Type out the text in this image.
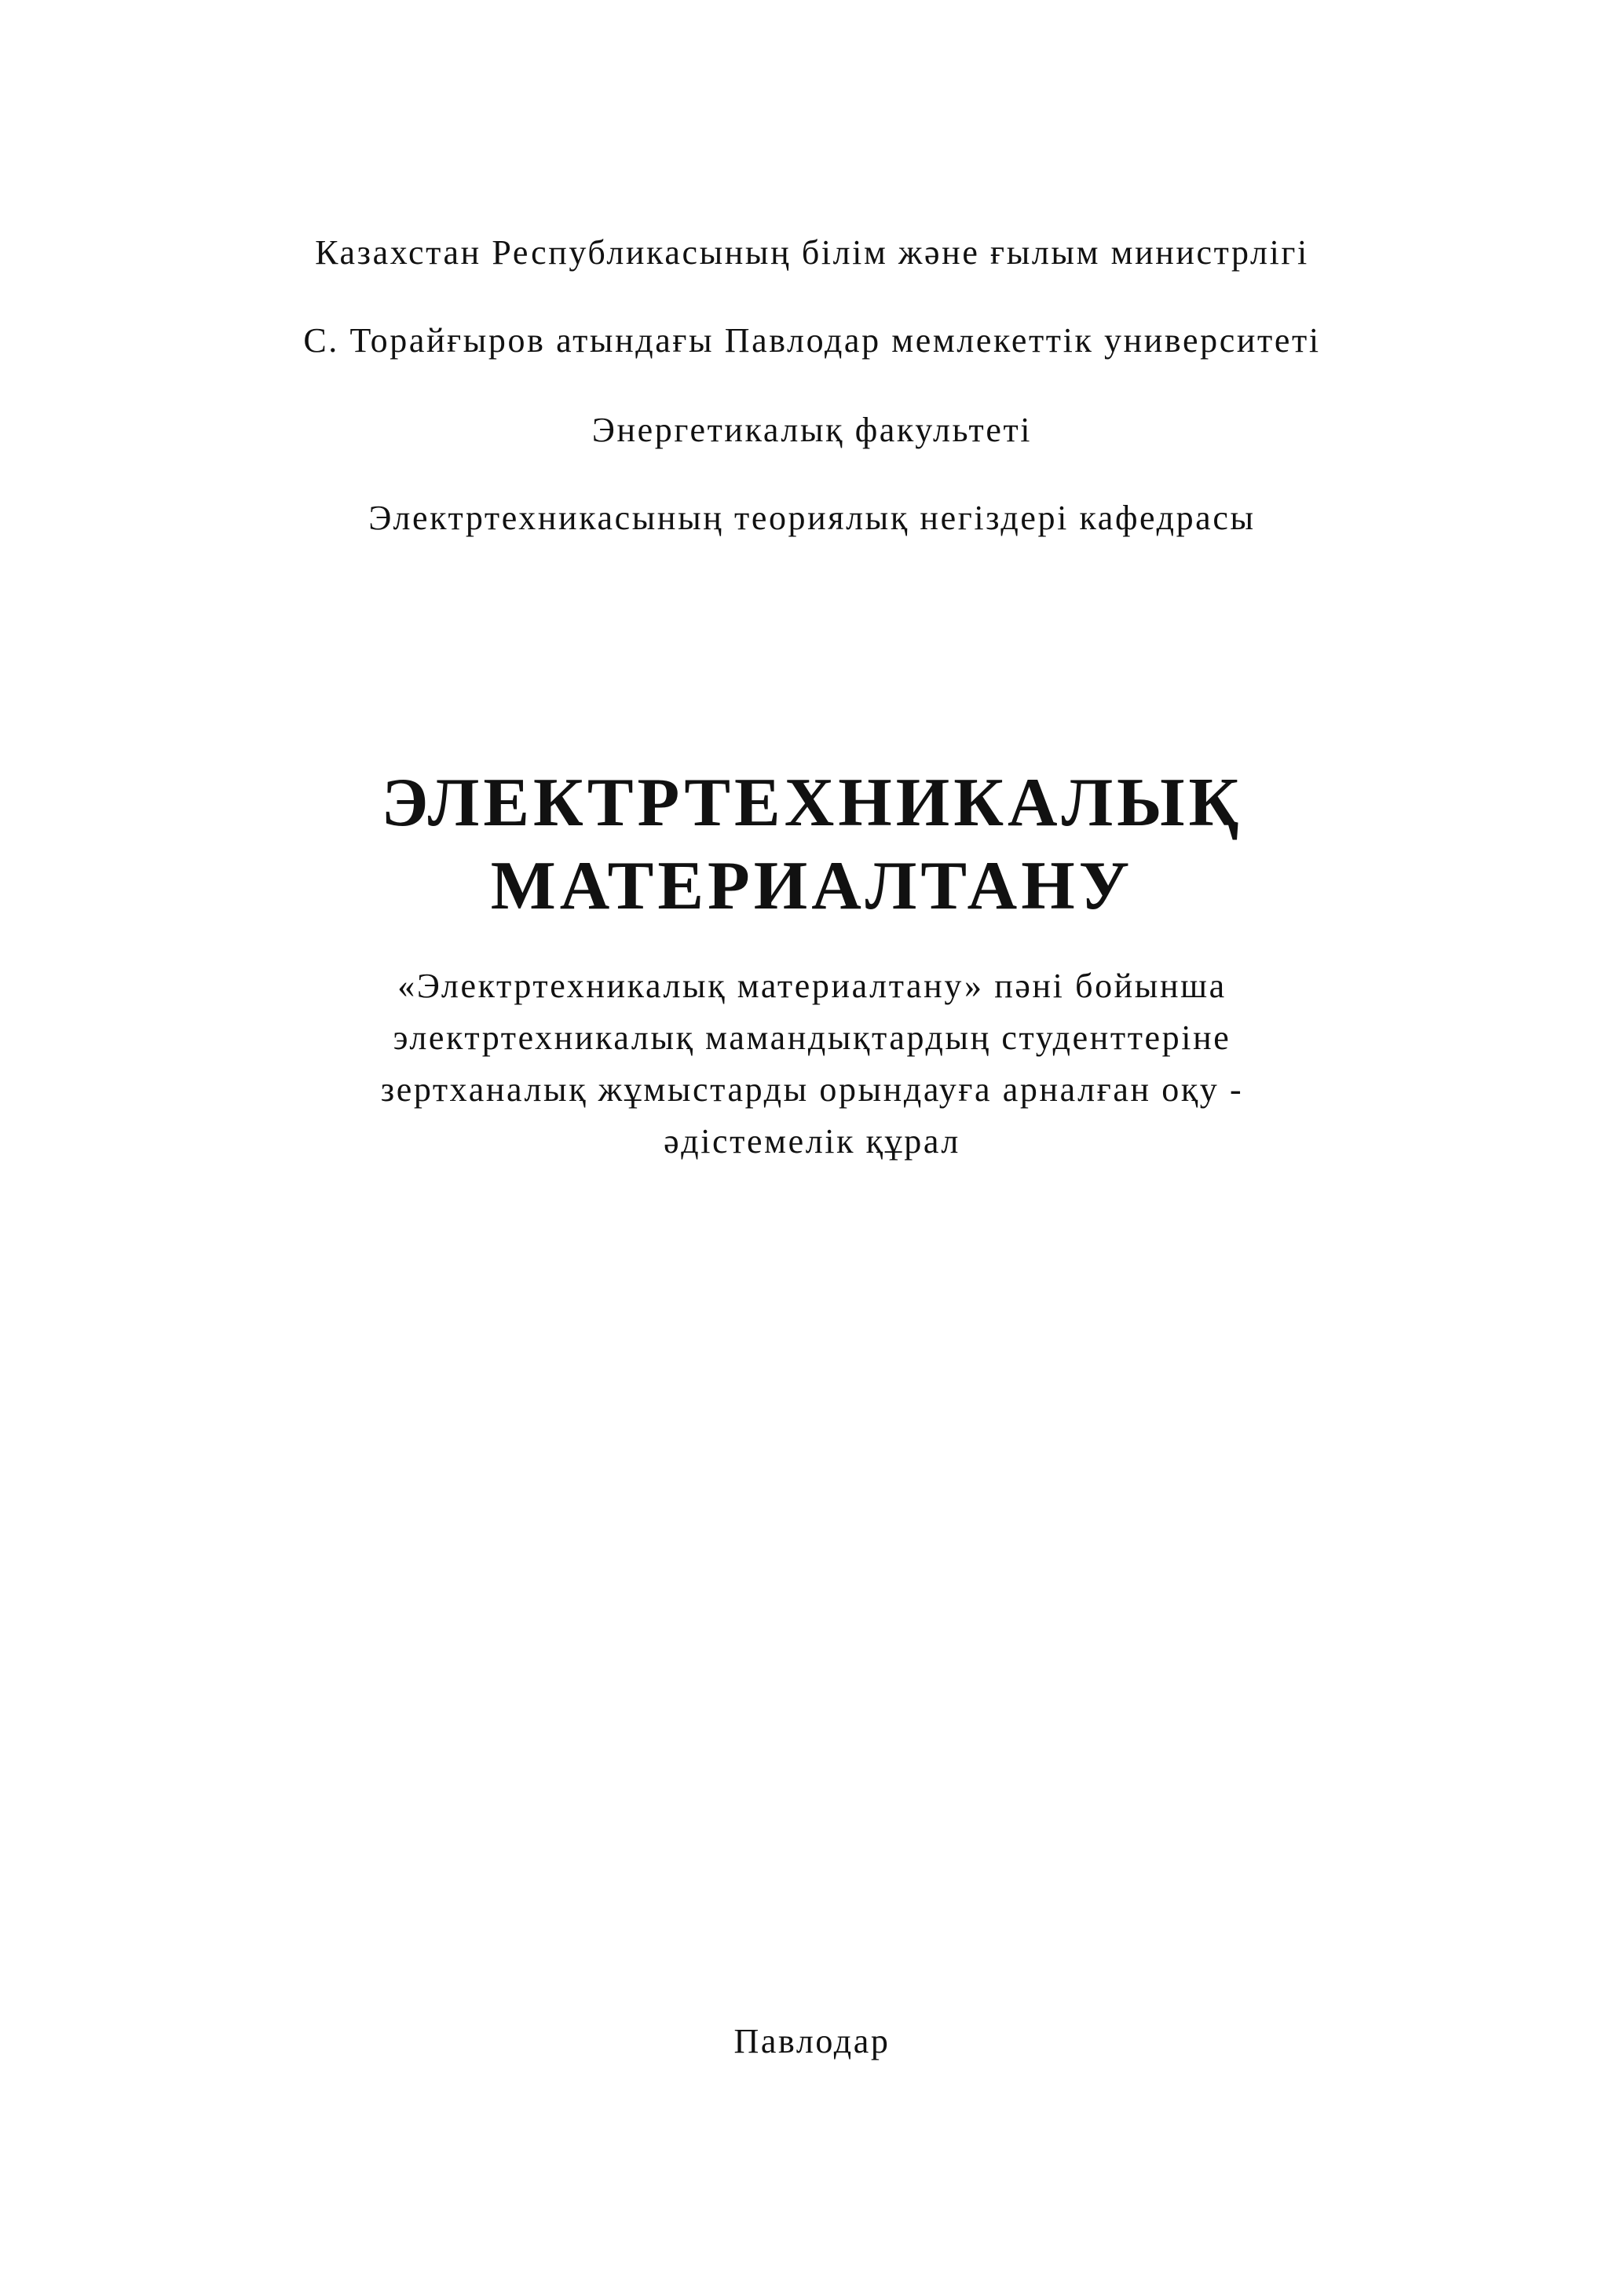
Казахстан Республикасының білім және ғылым министрлігі
С. Торайғыров атындағы Павлодар мемлекеттік университеті
Энергетикалық факультеті
Электртехникасының теориялық негіздері кафедрасы
ЭЛЕКТРТЕХНИКАЛЫҚ
МАТЕРИАЛТАНУ
«Электртехникалық материалтану» пәні бойынша
электртехникалық мамандықтардың студенттеріне
зертханалық жұмыстарды орындауға арналған оқу -
әдістемелік құрал
Павлодар
